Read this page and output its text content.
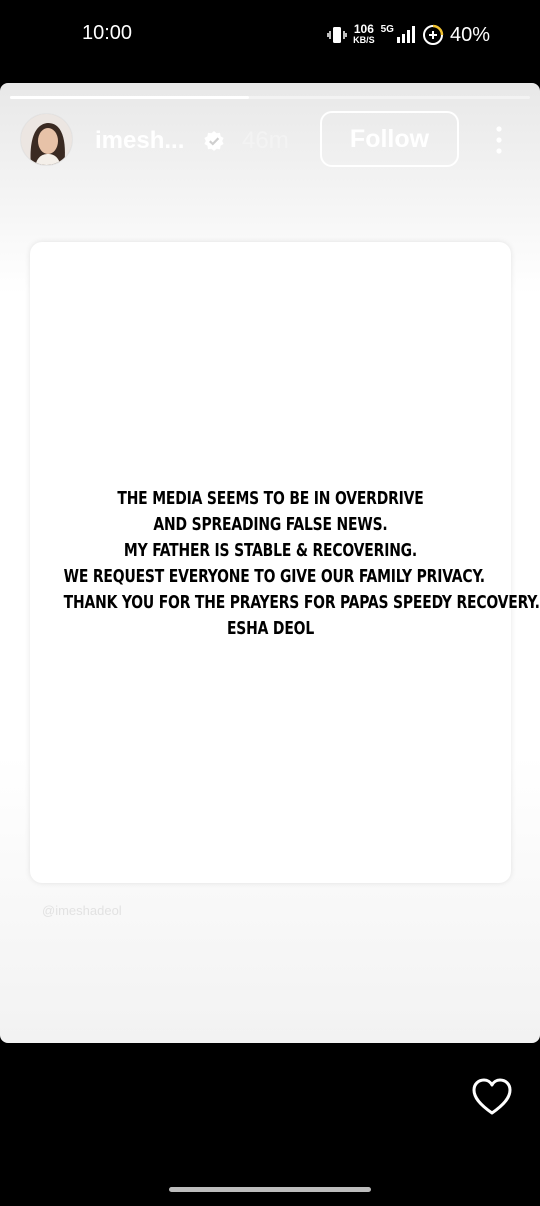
10:00	106
KB/S
5G	40%
imesh... 46m	Follow
THE MEDIA SEEMS TO BE IN OVERDRIVE
AND SPREADING FALSE NEWS.
MY FATHER IS STABLE & RECOVERING.
WE REQUEST EVERYONE TO GIVE OUR FAMILY PRIVACY.
THANK YOU FOR THE PRAYERS FOR PAPAS SPEEDY RECOVERY.
ESHA DEOL
@imeshadeol
